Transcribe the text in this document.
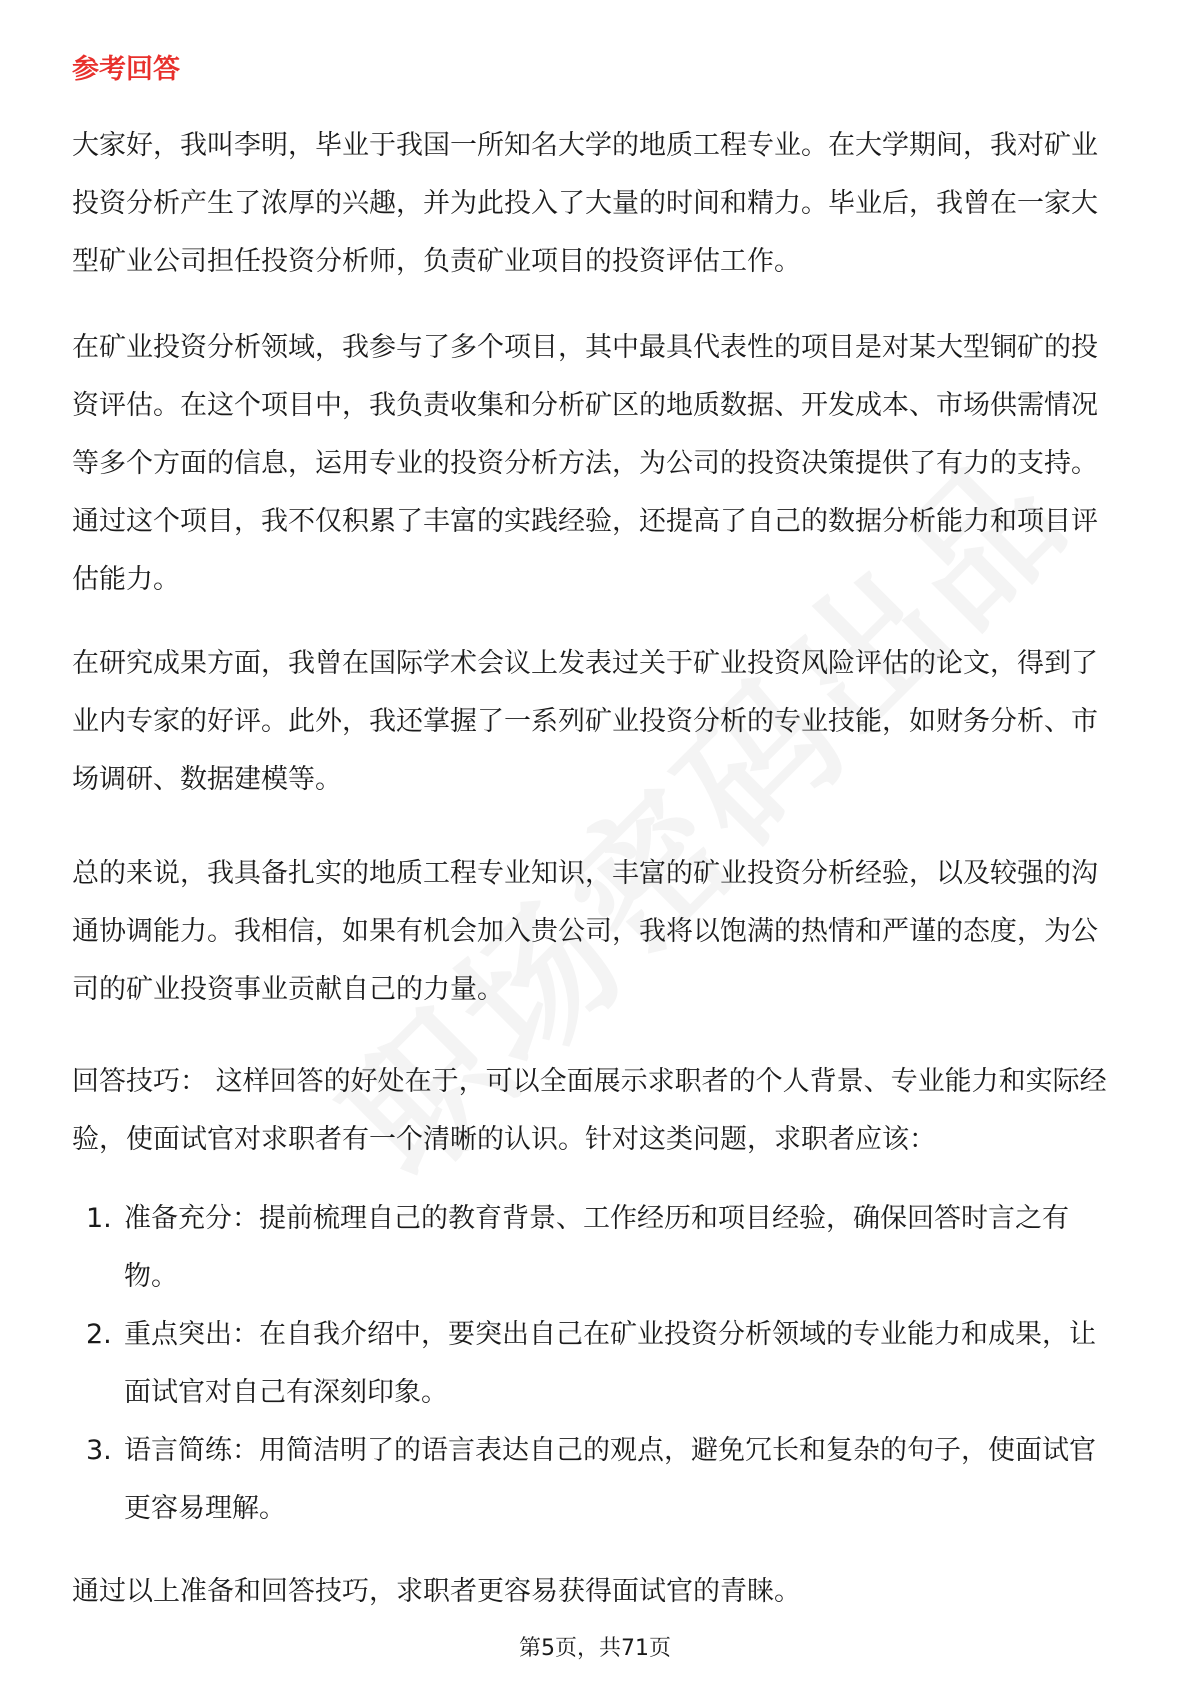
参考回答

大家好，我叫李明，毕业于我国一所知名大学的地质工程专业。在大学期间，我对矿业投资分析产生了浓厚的兴趣，并为此投入了大量的时间和精力。毕业后，我曾在一家大型矿业公司担任投资分析师，负责矿业项目的投资评估工作。

在矿业投资分析领域，我参与了多个项目，其中最具代表性的项目是对某大型铜矿的投资评估。在这个项目中，我负责收集和分析矿区的地质数据、开发成本、市场供需情况等多个方面的信息，运用专业的投资分析方法，为公司的投资决策提供了有力的支持。通过这个项目，我不仅积累了丰富的实践经验，还提高了自己的数据分析能力和项目评估能力。

在研究成果方面，我曾在国际学术会议上发表过关于矿业投资风险评估的论文，得到了业内专家的好评。此外，我还掌握了一系列矿业投资分析的专业技能，如财务分析、市场调研、数据建模等。

总的来说，我具备扎实的地质工程专业知识，丰富的矿业投资分析经验，以及较强的沟通协调能力。我相信，如果有机会加入贵公司，我将以饱满的热情和严谨的态度，为公司的矿业投资事业贡献自己的力量。

回答技巧： 这样回答的好处在于，可以全面展示求职者的个人背景、专业能力和实际经验，使面试官对求职者有一个清晰的认识。针对这类问题，求职者应该：

1. 准备充分：提前梳理自己的教育背景、工作经历和项目经验，确保回答时言之有物。
2. 重点突出：在自我介绍中，要突出自己在矿业投资分析领域的专业能力和成果，让面试官对自己有深刻印象。
3. 语言简练：用简洁明了的语言表达自己的观点，避免冗长和复杂的句子，使面试官更容易理解。

通过以上准备和回答技巧，求职者更容易获得面试官的青睐。

第5页，共71页
